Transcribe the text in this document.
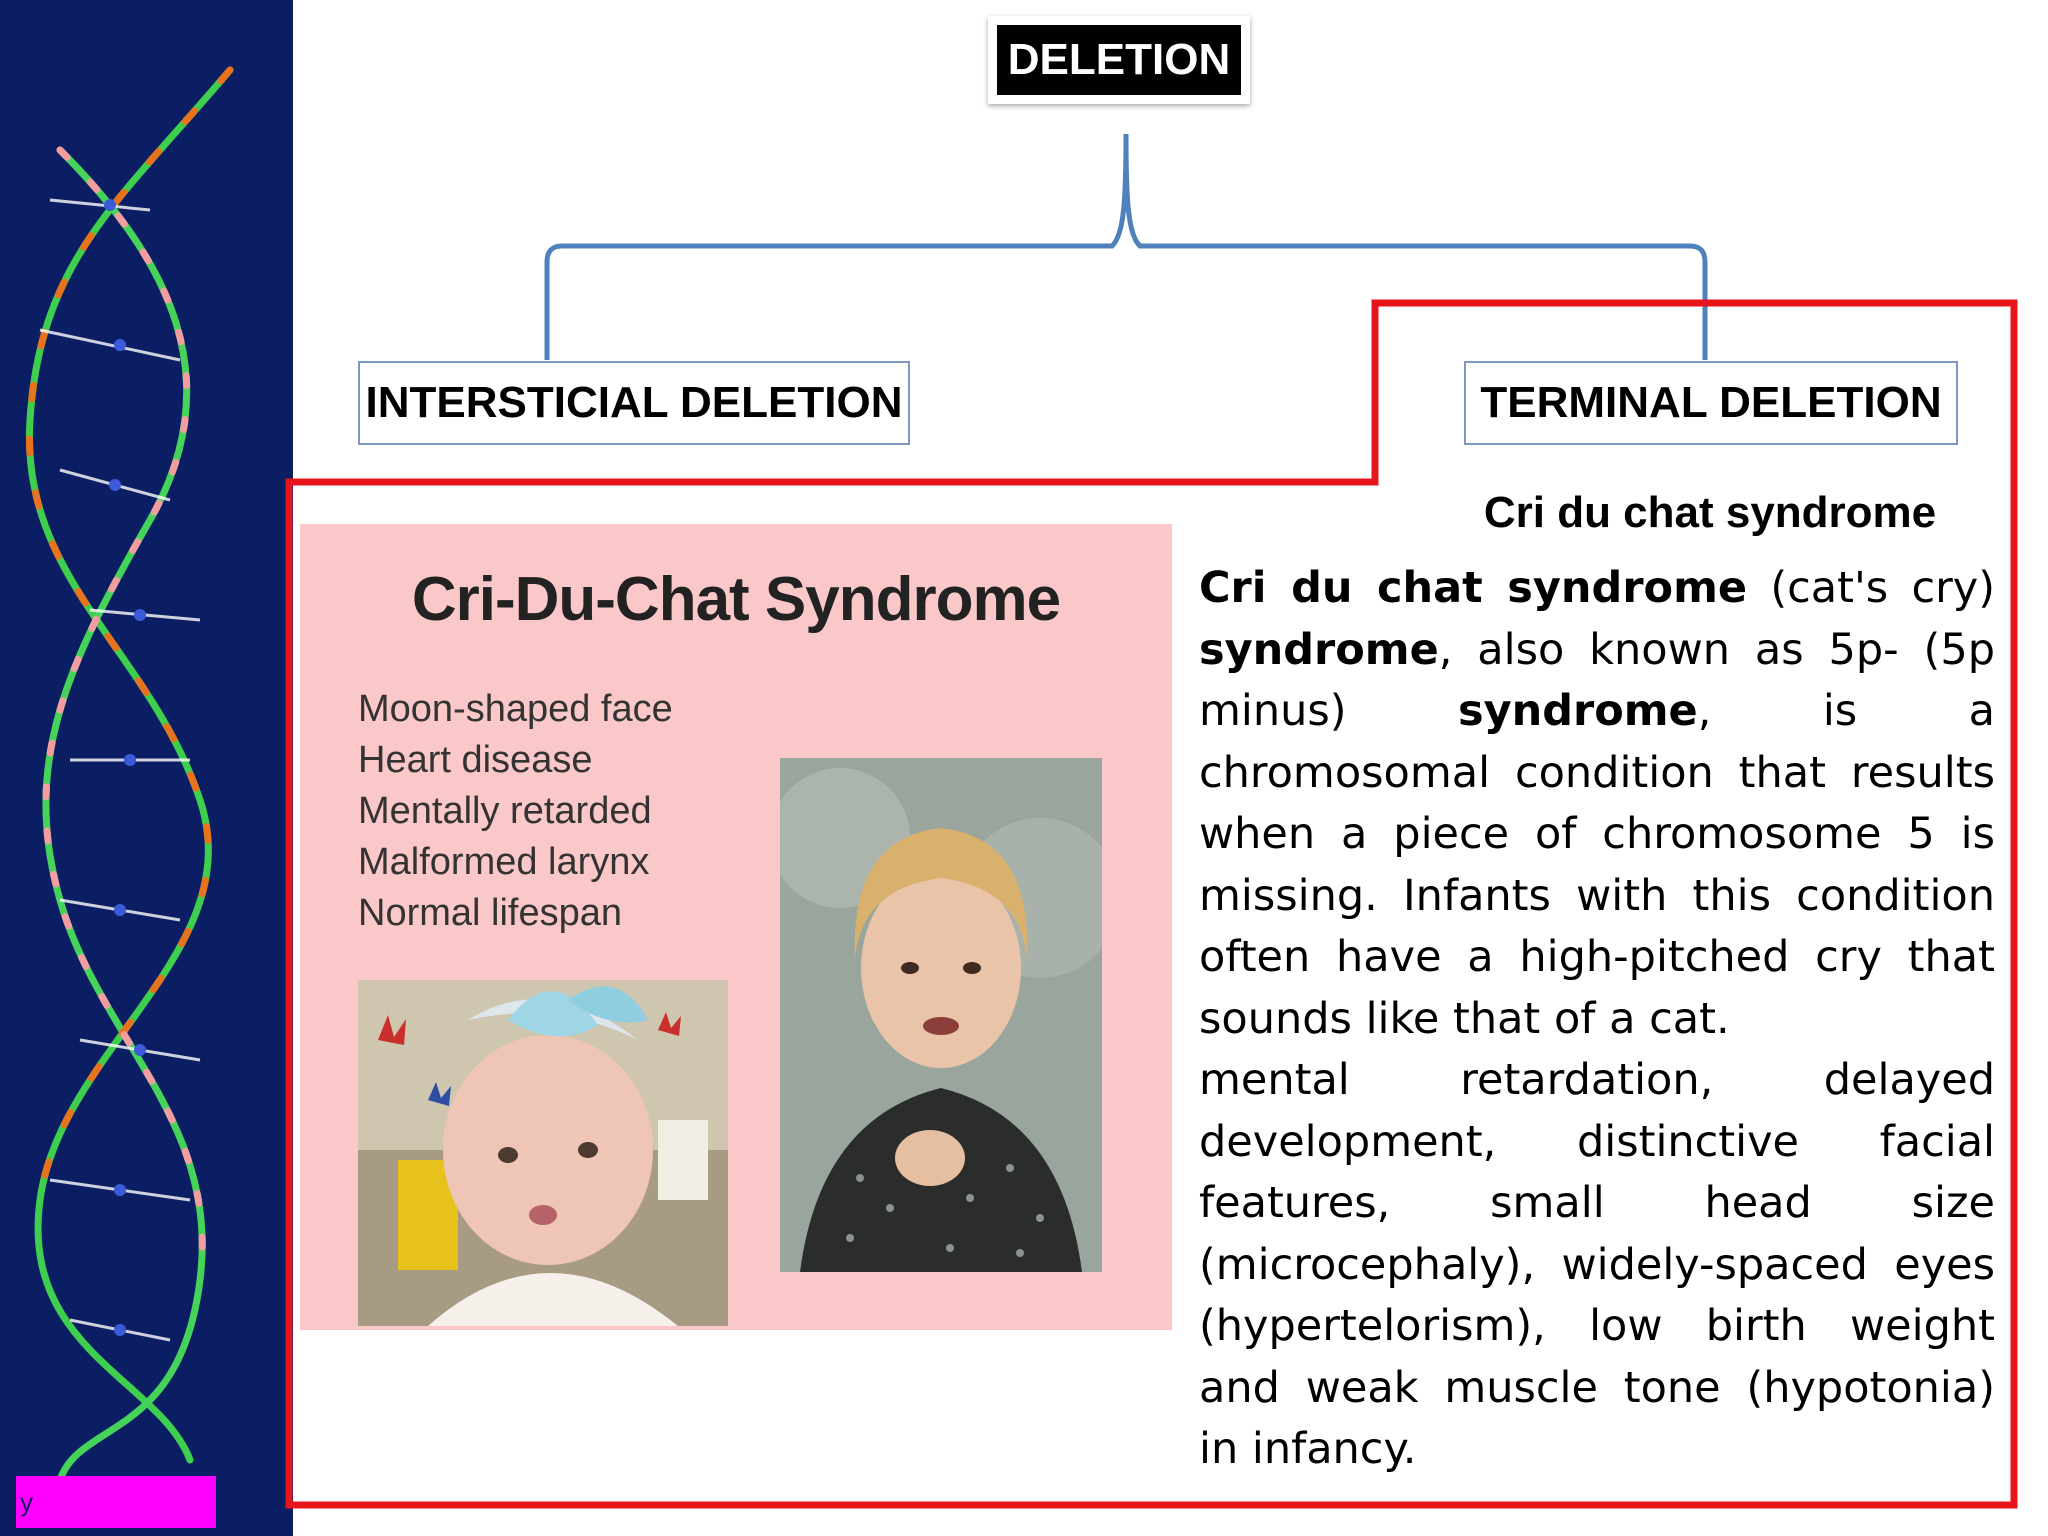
y
DELETION
INTERSTICIAL DELETION	TERMINAL DELETION
Cri-Du-Chat Syndrome
Moon-shaped face
Heart disease
Mentally retarded
Malformed larynx
Normal lifespan
Cri du chat syndrome
Cri du chat syndrome (cat's cry) syndrome, also known as 5p- (5p minus) syndrome, is a chromosomal condition that results when a piece of chromosome 5 is missing. Infants with this condition often have a high-pitched cry that sounds like that of a cat.
mental retardation, delayed development, distinctive facial features, small head size (microcephaly), widely-spaced eyes (hypertelorism), low birth weight and weak muscle tone (hypotonia) in infancy.
